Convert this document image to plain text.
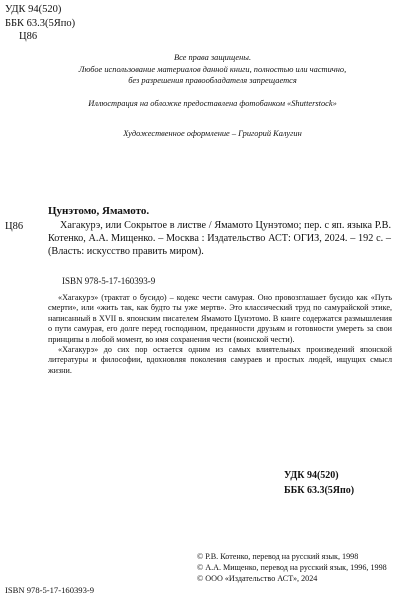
УДК 94(520)
ББК 63.3(5Япо)
Ц86

Все права защищены.

Любое использование материалов данной книги, полностью или частично,

без разрешения правообладателя запрещается

Иллюстрация на обложке предоставлена фотобанком «Shutterstock»
Художественное оформление – Григорий Калугин
Цунэтомо, Ямамото.
Ц86	Хагакурэ, или Сокрытое в листве / Ямамото Цунэтомо; пер. с яп. языка Р.В. Котенко, А.А. Мищенко. – Москва : Издательство АСТ: ОГИЗ, 2024. – 192 с. – (Власть: искусство править миром).
ISBN 978-5-17-160393-9

«Хагакурэ» (трактат о бусидо) – кодекс чести самурая. Оно провозглашает бусидо как «Путь смерти», или «жить так, как будто ты уже мертв». Это классический труд по самурайской этике, написанный в XVII в. японским писателем Ямамото Цунэтомо. В книге содержатся размышления о пути самурая, его долге перед господином, преданности друзьям и готовности умереть за свои принципы в любой момент, во имя сохранения чести (воинской чести).

«Хагакурэ» до сих пор остается одним из самых влиятельных произведений японской литературы и философии, вдохновляя поколения самураев и простых людей, ищущих смысл жизни.

УДК 94(520)
ББК 63.3(5Япо)
© Р.В. Котенко, перевод на русский язык, 1998
© А.А. Мищенко, перевод на русский язык, 1996, 1998
© ООО «Издательство АСТ», 2024
ISBN 978-5-17-160393-9
